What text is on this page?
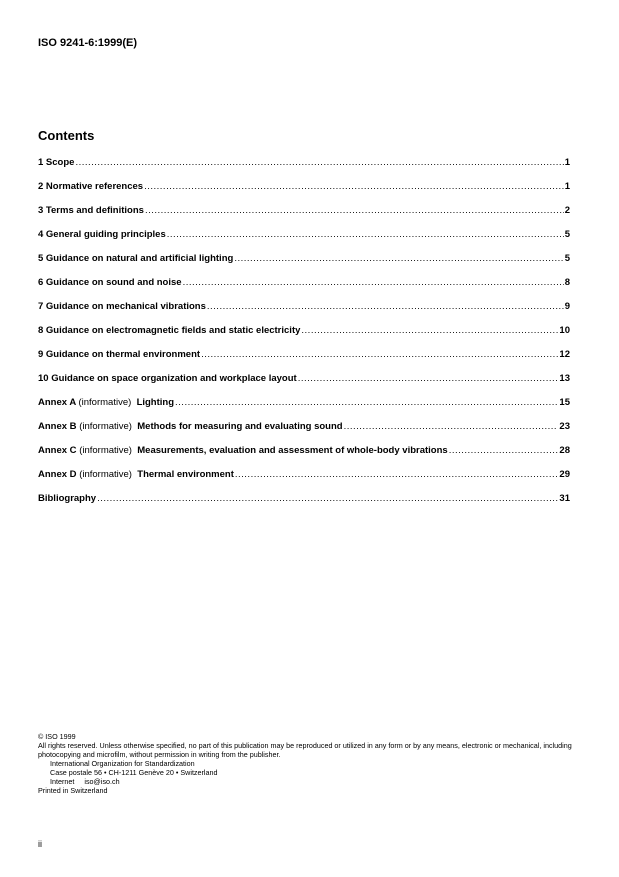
ISO 9241-6:1999(E)
Contents
1 Scope .....	1
2 Normative references .....	1
3 Terms and definitions .....	2
4 General guiding principles .....	5
5 Guidance on natural and artificial lighting .....	5
6 Guidance on sound and noise .....	8
7 Guidance on mechanical vibrations .....	9
8 Guidance on electromagnetic fields and static electricity .....	10
9 Guidance on thermal environment .....	12
10 Guidance on space organization and workplace layout .....	13
Annex A (informative) Lighting .....	15
Annex B (informative) Methods for measuring and evaluating sound .....	23
Annex C (informative) Measurements, evaluation and assessment of whole-body vibrations .....	28
Annex D (informative) Thermal environment .....	29
Bibliography .....	31
© ISO 1999
All rights reserved. Unless otherwise specified, no part of this publication may be reproduced or utilized in any form or by any means, electronic or mechanical, including photocopying and microfilm, without permission in writing from the publisher.
International Organization for Standardization
Case postale 56 • CH-1211 Genève 20 • Switzerland
Internet     iso@iso.ch
Printed in Switzerland
ii
